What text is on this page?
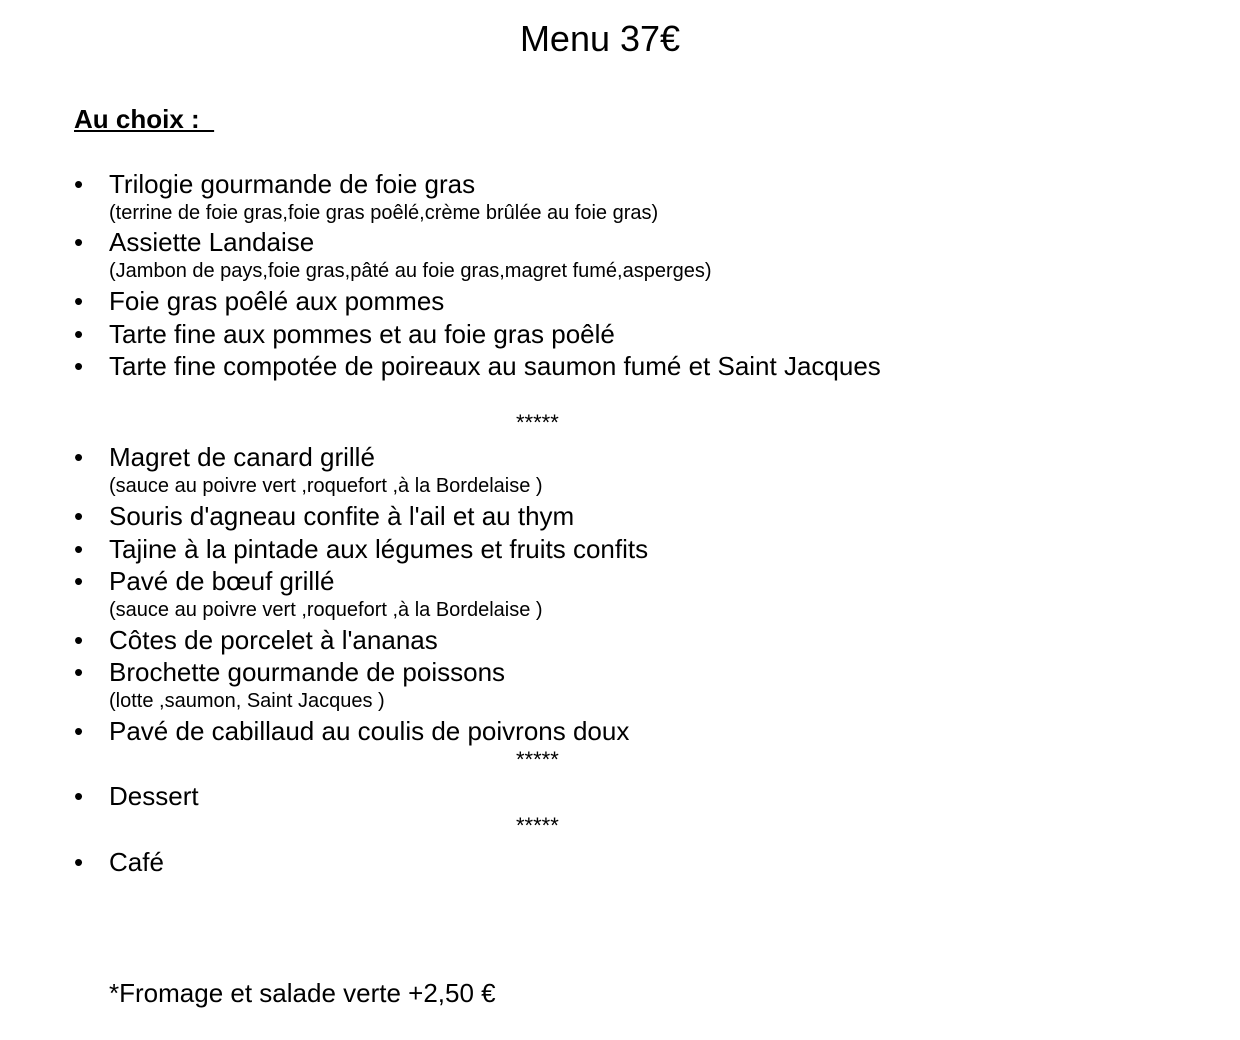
Menu 37€
Au choix :
• Trilogie gourmande de foie gras
(terrine de foie gras,foie gras poêlé,crème brûlée au foie gras)
• Assiette Landaise
(Jambon de pays,foie gras,pâté au foie gras,magret fumé,asperges)
• Foie gras poêlé aux pommes
• Tarte fine aux pommes et au foie gras poêlé
• Tarte fine compotée de poireaux au saumon fumé et Saint Jacques
*****
• Magret de canard grillé
(sauce au poivre vert ,roquefort ,à la Bordelaise )
• Souris d'agneau confite à l'ail et au thym
• Tajine à la pintade aux légumes et fruits confits
• Pavé de bœuf grillé
(sauce au poivre vert ,roquefort ,à la Bordelaise )
• Côtes de porcelet à l'ananas
• Brochette gourmande de poissons
(lotte ,saumon, Saint Jacques )
• Pavé de cabillaud au coulis de poivrons doux
*****
• Dessert
*****
• Café
*Fromage et salade verte +2,50 €
